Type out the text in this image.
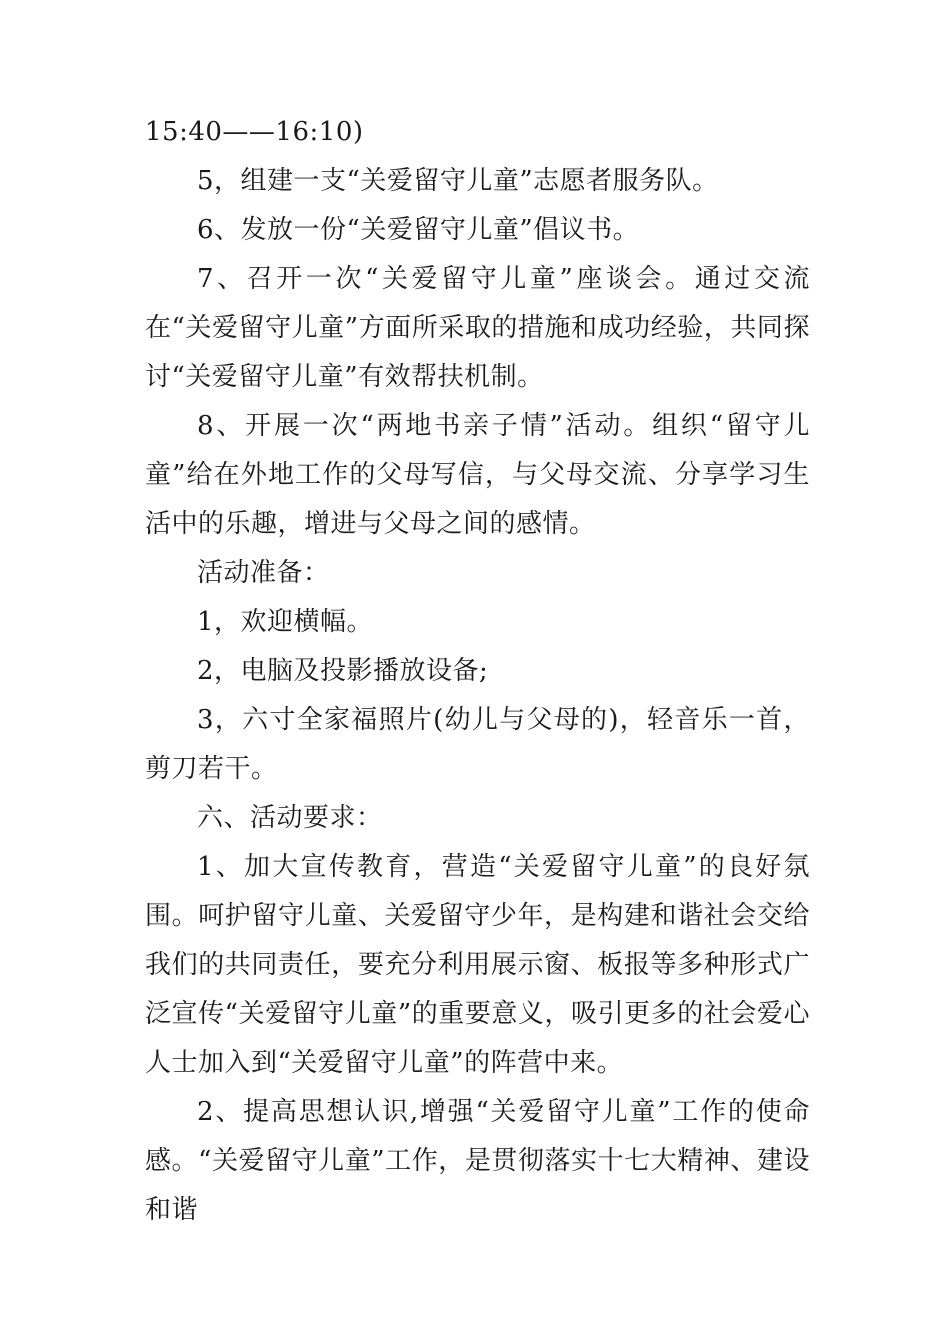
15:40——16:10)

5，组建一支“关爱留守儿童”志愿者服务队。

6、发放一份“关爱留守儿童”倡议书。

7、召开一次“关爱留守儿童”座谈会。通过交流在“关爱留守儿童”方面所采取的措施和成功经验，共同探讨“关爱留守儿童”有效帮扶机制。

8、开展一次“两地书亲子情”活动。组织“留守儿童”给在外地工作的父母写信，与父母交流、分享学习生活中的乐趣，增进与父母之间的感情。

活动准备：

1，欢迎横幅。

2，电脑及投影播放设备;

3，六寸全家福照片(幼儿与父母的)，轻音乐一首，剪刀若干。

六、活动要求：

1、加大宣传教育，营造“关爱留守儿童”的良好氛围。呵护留守儿童、关爱留守少年，是构建和谐社会交给我们的共同责任，要充分利用展示窗、板报等多种形式广泛宣传“关爱留守儿童”的重要意义，吸引更多的社会爱心人士加入到“关爱留守儿童”的阵营中来。

2、提高思想认识,增强“关爱留守儿童”工作的使命感。“关爱留守儿童”工作，是贯彻落实十七大精神、建设和谐
